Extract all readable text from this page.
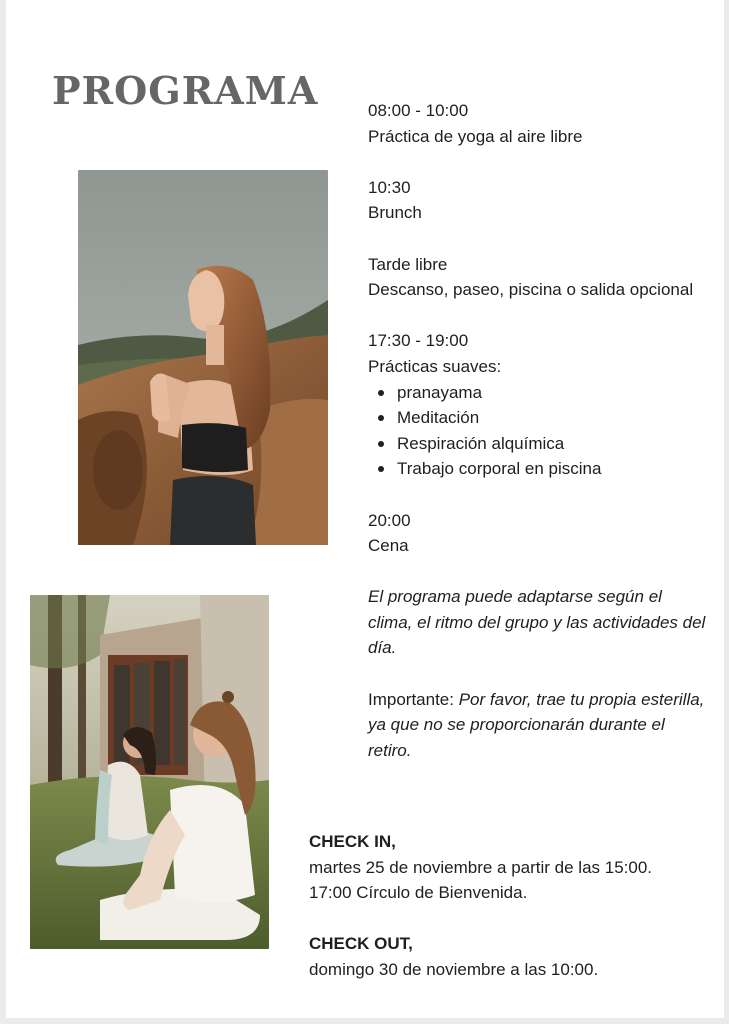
PROGRAMA	08:00 - 10:00

Práctica de yoga al aire libre

10:30

Brunch

Tarde libre

Descanso, paseo, piscina o salida opcional

17:30 - 19:00

Prácticas suaves:

pranayama
Meditación
Respiración alquímica
Trabajo corporal en piscina

20:00

Cena

El programa puede adaptarse según el clima, el ritmo del grupo y las actividades del día.

Importante: Por favor, trae tu propia esterilla, ya que no se proporcionarán durante el retiro.

CHECK IN,

martes 25 de noviembre a partir de las 15:00.

17:00 Círculo de Bienvenida.

CHECK OUT,

domingo 30 de noviembre a las 10:00.
